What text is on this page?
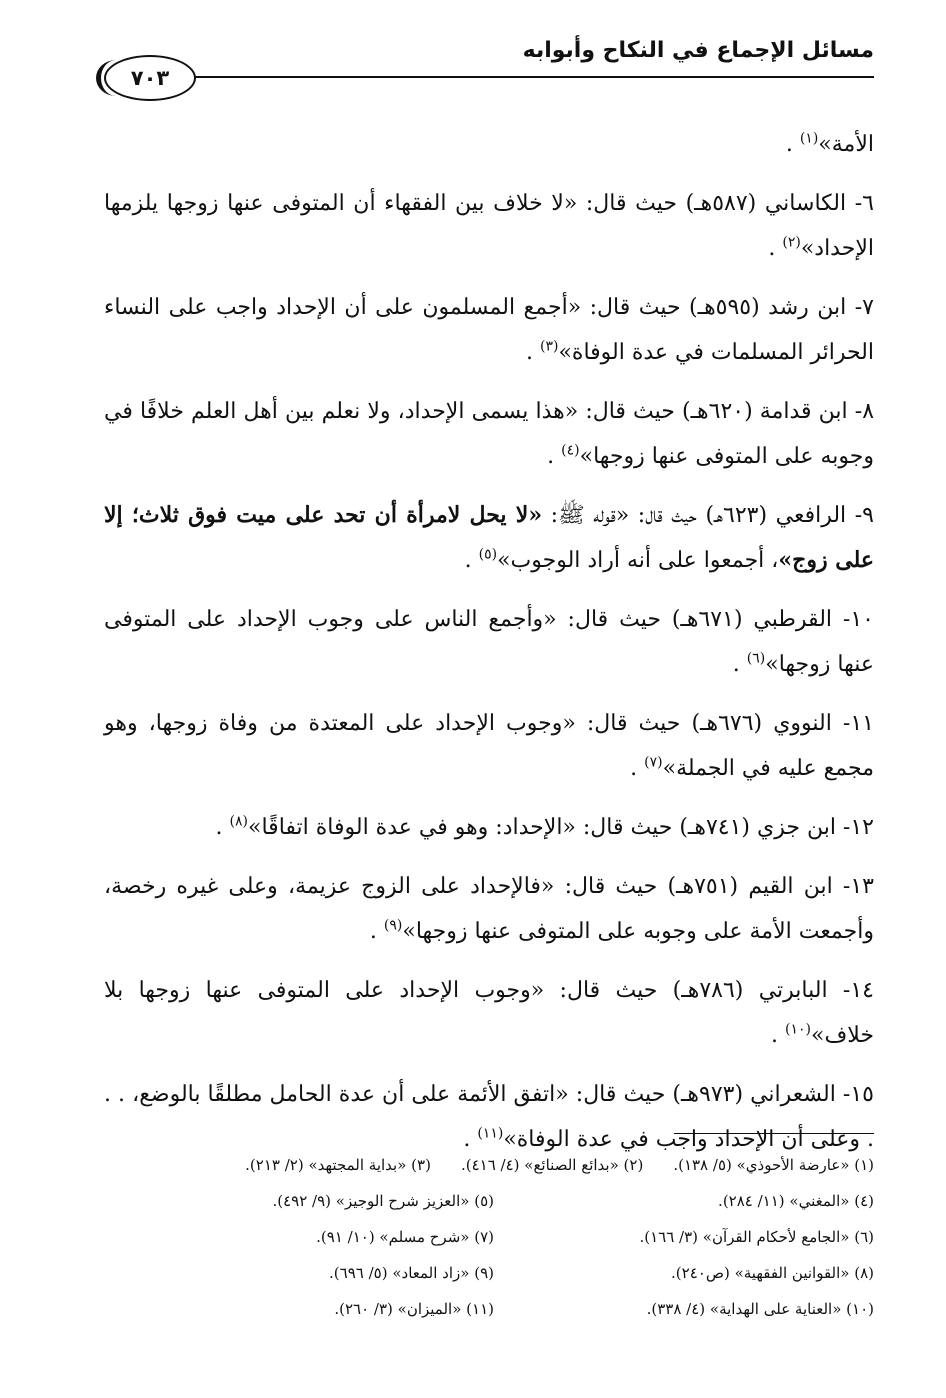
مسائل الإجماع في النكاح وأبوابه
٧٠٣

الأمة»$^{(١)}$ .

٦- الكاساني (٥٨٧هـ) حيث قال: «لا خلاف بين الفقهاء أن المتوفى عنها زوجها يلزمها الإحداد»$^{(٢)}$ .

٧- ابن رشد (٥٩٥هـ) حيث قال: «أجمع المسلمون على أن الإحداد واجب على النساء الحرائر المسلمات في عدة الوفاة»$^{(٣)}$ .

٨- ابن قدامة (٦٢٠هـ) حيث قال: «هذا يسمى الإحداد، ولا نعلم بين أهل العلم خلافًا في وجوبه على المتوفى عنها زوجها»$^{(٤)}$ .

٩- الرافعي (٦٢٣هـ) حيث قال: «قوله ﷺ: «لا يحل لامرأة أن تحد على ميت فوق ثلاث؛ إلا على زوج»، أجمعوا على أنه أراد الوجوب»$^{(٥)}$ .

١٠- القرطبي (٦٧١هـ) حيث قال: «وأجمع الناس على وجوب الإحداد على المتوفى عنها زوجها»$^{(٦)}$ .

١١- النووي (٦٧٦هـ) حيث قال: «وجوب الإحداد على المعتدة من وفاة زوجها، وهو مجمع عليه في الجملة»$^{(٧)}$ .

١٢- ابن جزي (٧٤١هـ) حيث قال: «الإحداد: وهو في عدة الوفاة اتفاقًا»$^{(٨)}$ .

١٣- ابن القيم (٧٥١هـ) حيث قال: «فالإحداد على الزوج عزيمة، وعلى غيره رخصة، وأجمعت الأمة على وجوبه على المتوفى عنها زوجها»$^{(٩)}$ .

١٤- البابرتي (٧٨٦هـ) حيث قال: «وجوب الإحداد على المتوفى عنها زوجها بلا خلاف»$^{(١٠)}$ .

١٥- الشعراني (٩٧٣هـ) حيث قال: «اتفق الأئمة على أن عدة الحامل مطلقًا بالوضع، . . . وعلى أن الإحداد واجب في عدة الوفاة»$^{(١١)}$ .

(١) «عارضة الأحوذي» (٥/ ١٣٨).
(٢) «بدائع الصنائع» (٤/ ٤١٦).
(٣) «بداية المجتهد» (٢/ ٢١٣).
(٤) «المغني» (١١/ ٢٨٤).
(٥) «العزيز شرح الوجيز» (٩/ ٤٩٢).
(٦) «الجامع لأحكام القرآن» (٣/ ١٦٦).
(٧) «شرح مسلم» (١٠/ ٩١).
(٨) «القوانين الفقهية» (ص٢٤٠).
(٩) «زاد المعاد» (٥/ ٦٩٦).
(١٠) «العناية على الهداية» (٤/ ٣٣٨).
(١١) «الميزان» (٣/ ٢٦٠).
